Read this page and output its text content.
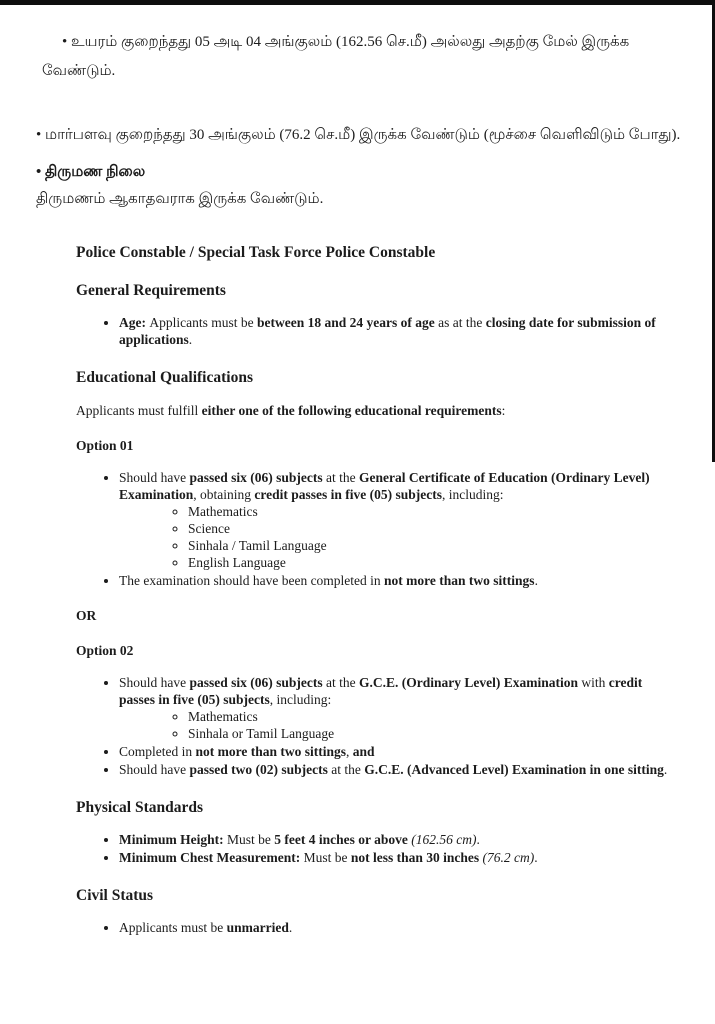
• உயரம் குறைந்தது 05 அடி 04 அங்குலம் (162.56 செ.மீ) அல்லது அதற்கு மேல் இருக்க வேண்டும்.

• மார்பளவு குறைந்தது 30 அங்குலம் (76.2 செ.மீ) இருக்க வேண்டும் (மூச்சை வெளிவிடும் போது).

• திருமண நிலை

திருமணம் ஆகாதவராக இருக்க வேண்டும்.

Police Constable / Special Task Force Police Constable
General Requirements
• Age: Applicants must be between 18 and 24 years of age as at the closing date for submission of applications.
Educational Qualifications

Applicants must fulfill either one of the following educational requirements:

Option 01
• Should have passed six (06) subjects at the General Certificate of Education (Ordinary Level) Examination, obtaining credit passes in five (05) subjects, including:
◦ Mathematics
◦ Science
◦ Sinhala / Tamil Language
◦ English Language
• The examination should have been completed in not more than two sittings.
OR
Option 02
• Should have passed six (06) subjects at the G.C.E. (Ordinary Level) Examination with credit passes in five (05) subjects, including:
◦ Mathematics
◦ Sinhala or Tamil Language
• Completed in not more than two sittings, and
• Should have passed two (02) subjects at the G.C.E. (Advanced Level) Examination in one sitting.
Physical Standards
• Minimum Height: Must be 5 feet 4 inches or above (162.56 cm).
• Minimum Chest Measurement: Must be not less than 30 inches (76.2 cm).
Civil Status
• Applicants must be unmarried.
